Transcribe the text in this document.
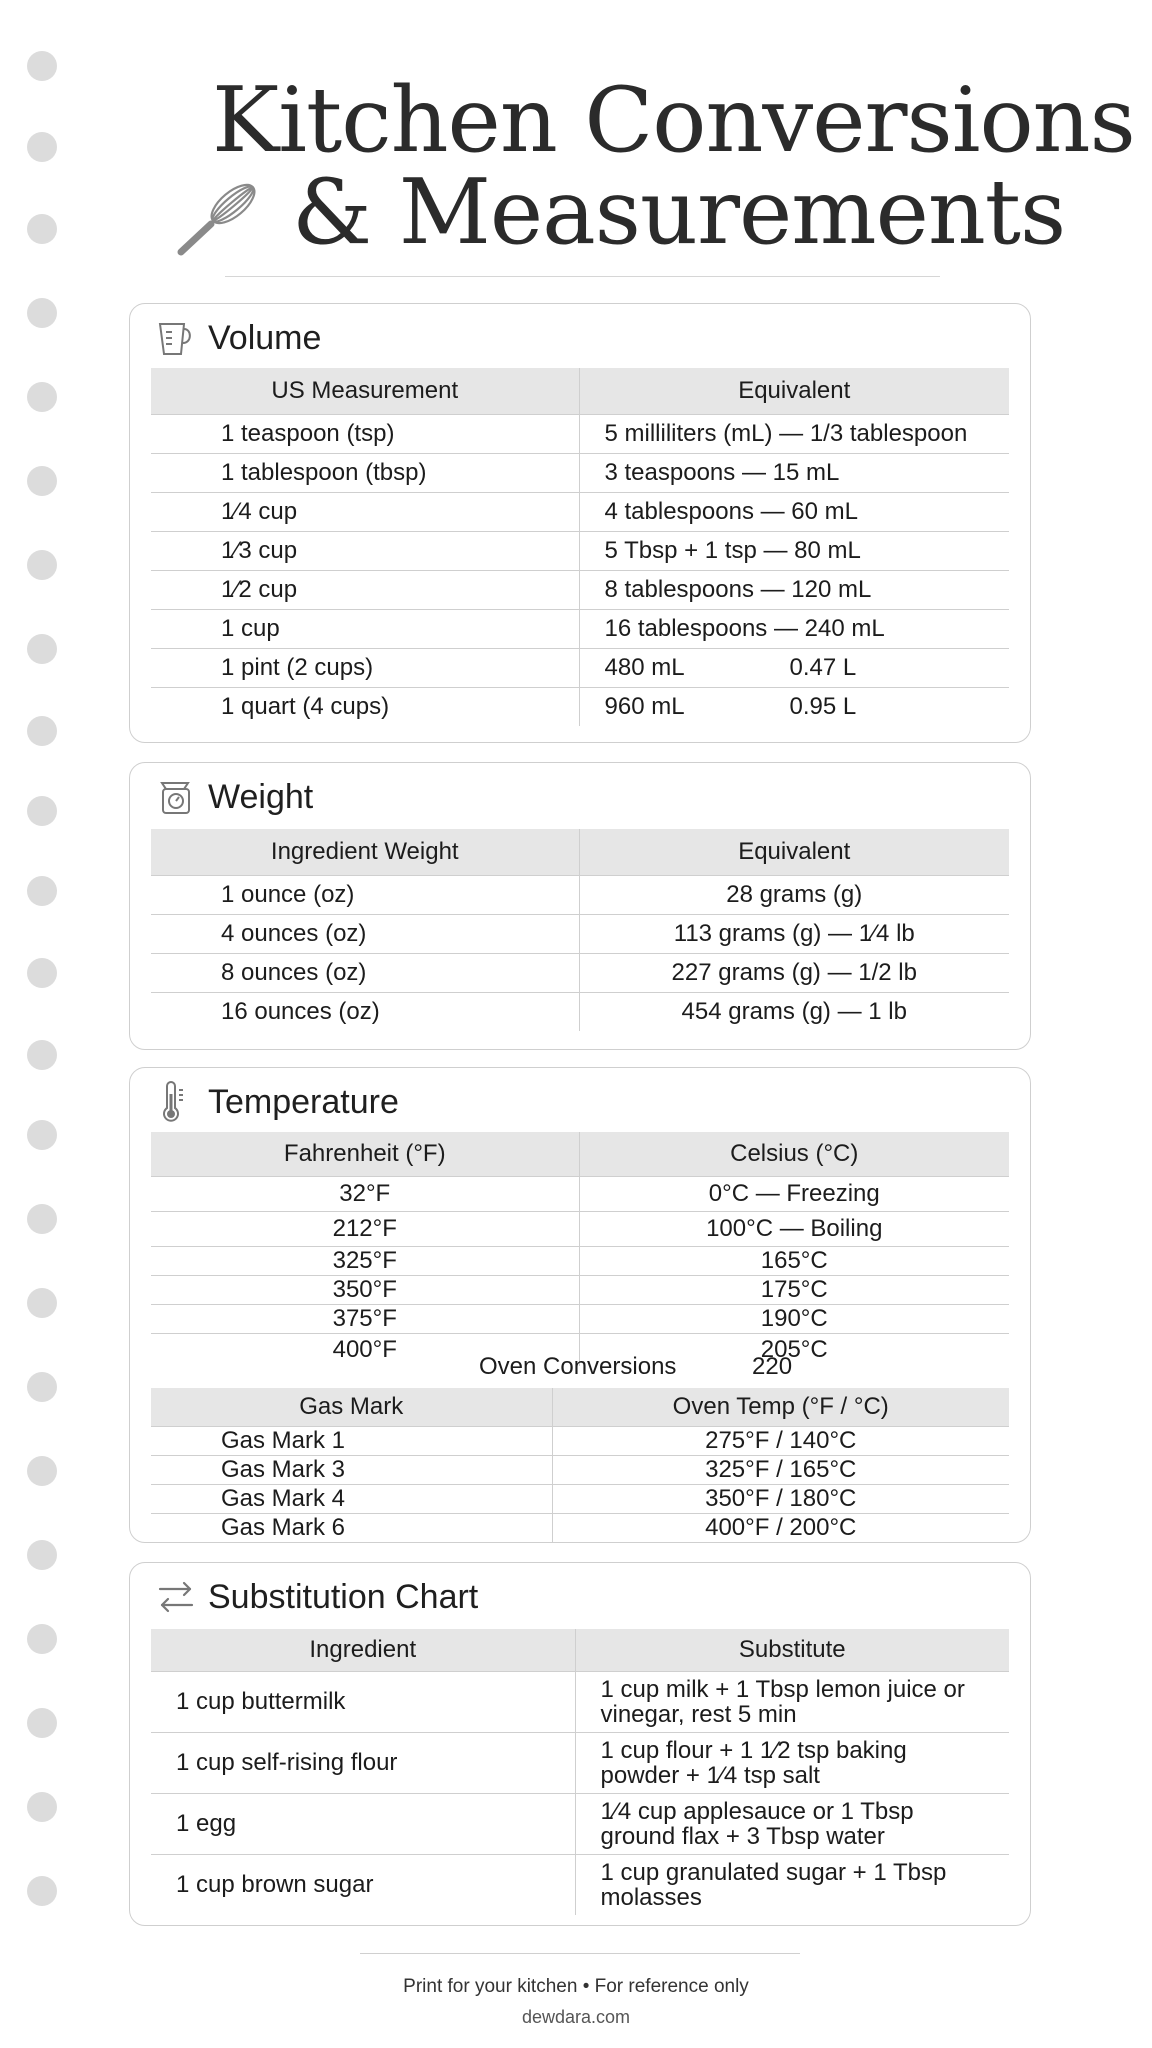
Kitchen Conversions
& Measurements
Volume
US Measurement	Equivalent
1 teaspoon (tsp)	5 milliliters (mL) — 1/3 tablespoon
1 tablespoon (tbsp)	3 teaspoons — 15 mL
1⁄4 cup	4 tablespoons — 60 mL
1⁄3 cup	5 Tbsp + 1 tsp — 80 mL
1⁄2 cup	8 tablespoons — 120 mL
1 cup	16 tablespoons — 240 mL
1 pint (2 cups)	480 mL 0.47 L
1 quart (4 cups)	960 mL 0.95 L
Weight
Ingredient Weight	Equivalent
1 ounce (oz)	28 grams (g)
4 ounces (oz)	113 grams (g) — 1⁄4 lb
8 ounces (oz)	227 grams (g) — 1/2 lb
16 ounces (oz)	454 grams (g) — 1 lb
Temperature
Fahrenheit (°F)	Celsius (°C)
32°F	0°C — Freezing
212°F	100°C — Boiling
325°F	165°C
350°F	175°C
375°F	190°C
400°F	205°C
Oven Conversions	220
Gas Mark	Oven Temp (°F / °C)
Gas Mark 1	275°F / 140°C
Gas Mark 3	325°F / 165°C
Gas Mark 4	350°F / 180°C
Gas Mark 6	400°F / 200°C
Substitution Chart
Ingredient	Substitute
1 cup buttermilk	1 cup milk + 1 Tbsp lemon juice or vinegar, rest 5 min
1 cup self-rising flour	1 cup flour + 1 1⁄2 tsp baking powder + 1⁄4 tsp salt
1 egg	1⁄4 cup applesauce or 1 Tbsp ground flax + 3 Tbsp water
1 cup brown sugar	1 cup granulated sugar + 1 Tbsp molasses
Print for your kitchen • For reference only
dewdara.com
